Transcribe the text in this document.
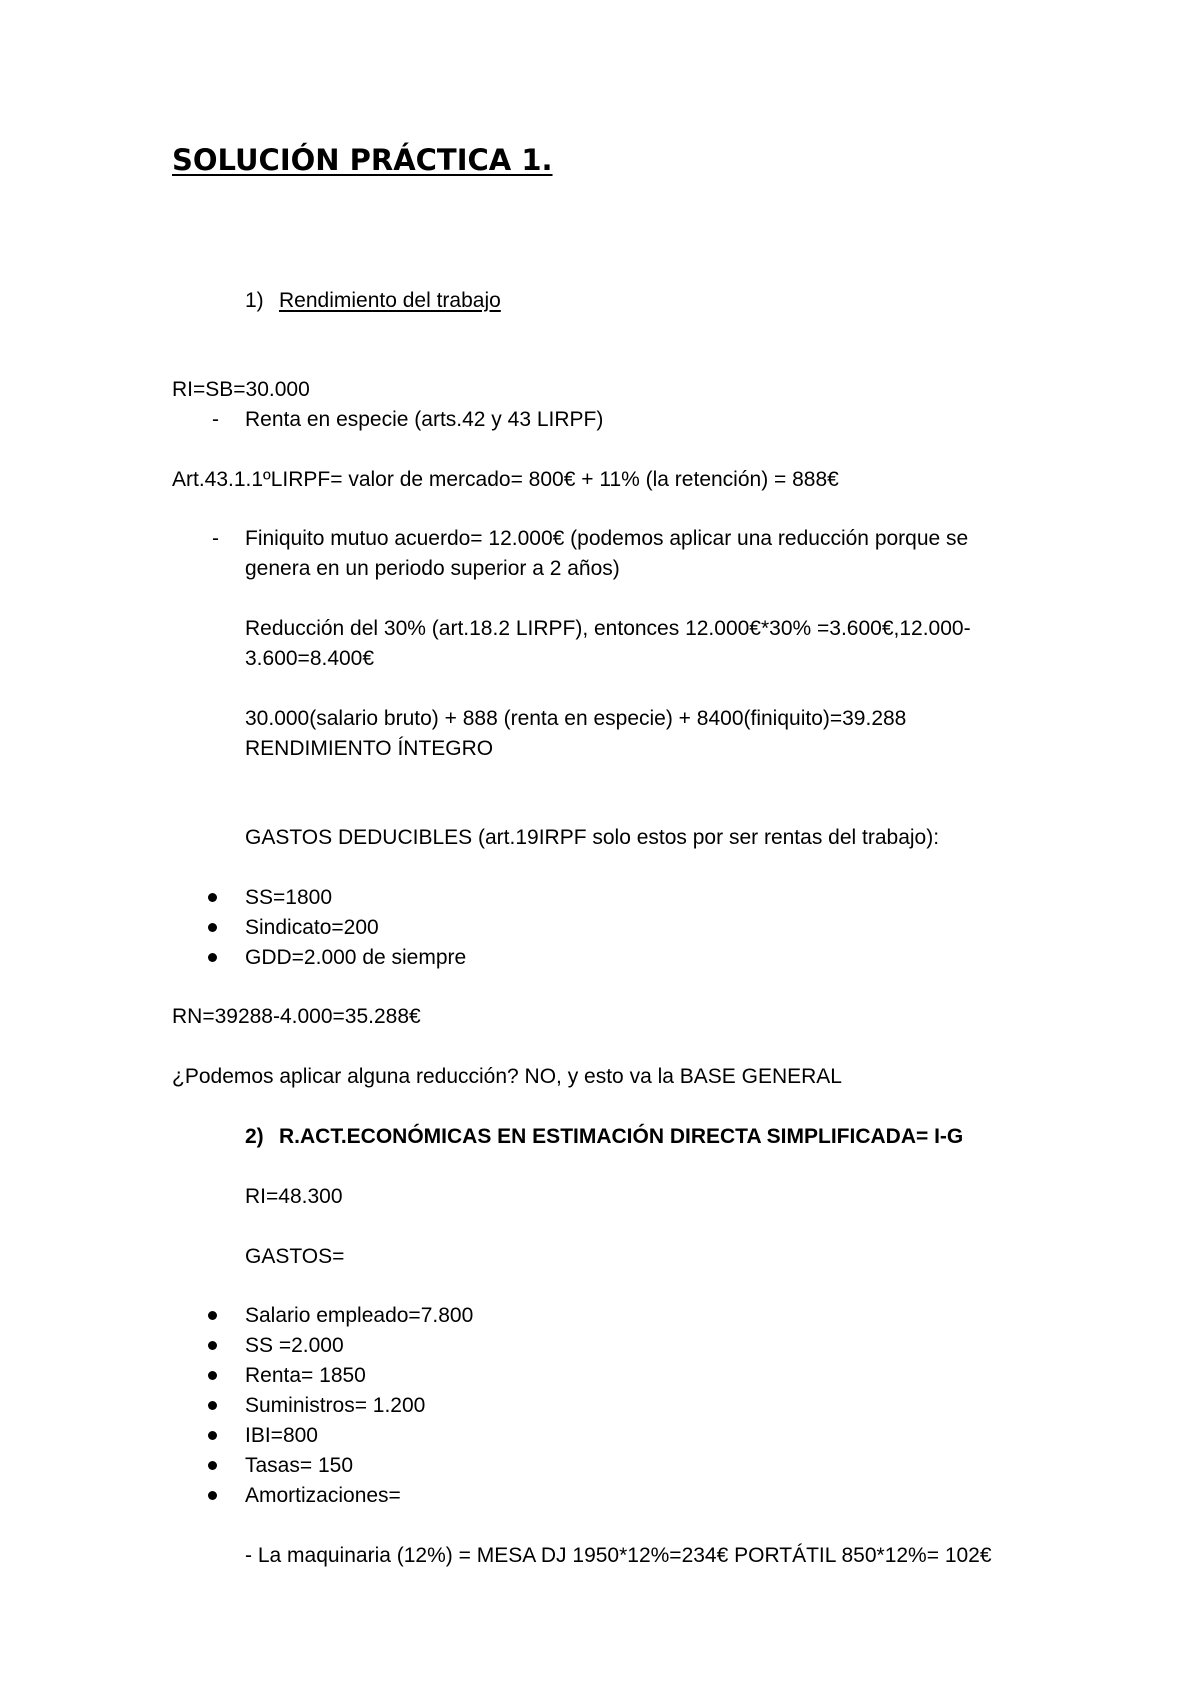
SOLUCIÓN PRÁCTICA 1.
1) Rendimiento del trabajo
RI=SB=30.000
- Renta en especie (arts.42 y 43 LIRPF)
Art.43.1.1ºLIRPF= valor de mercado= 800€ + 11% (la retención) = 888€
- Finiquito mutuo acuerdo= 12.000€ (podemos aplicar una reducción porque se
genera en un periodo superior a 2 años)
Reducción del 30% (art.18.2 LIRPF), entonces 12.000€*30% =3.600€,12.000-
3.600=8.400€
30.000(salario bruto) + 888 (renta en especie) + 8400(finiquito)=39.288
RENDIMIENTO ÍNTEGRO
GASTOS DEDUCIBLES (art.19IRPF solo estos por ser rentas del trabajo):
SS=1800
Sindicato=200
GDD=2.000 de siempre
RN=39288-4.000=35.288€
¿Podemos aplicar alguna reducción? NO, y esto va la BASE GENERAL
2) R.ACT.ECONÓMICAS EN ESTIMACIÓN DIRECTA SIMPLIFICADA= I-G
RI=48.300
GASTOS=
Salario empleado=7.800
SS =2.000
Renta= 1850
Suministros= 1.200
IBI=800
Tasas= 150
Amortizaciones=
- La maquinaria (12%) = MESA DJ 1950*12%=234€ PORTÁTIL 850*12%= 102€
